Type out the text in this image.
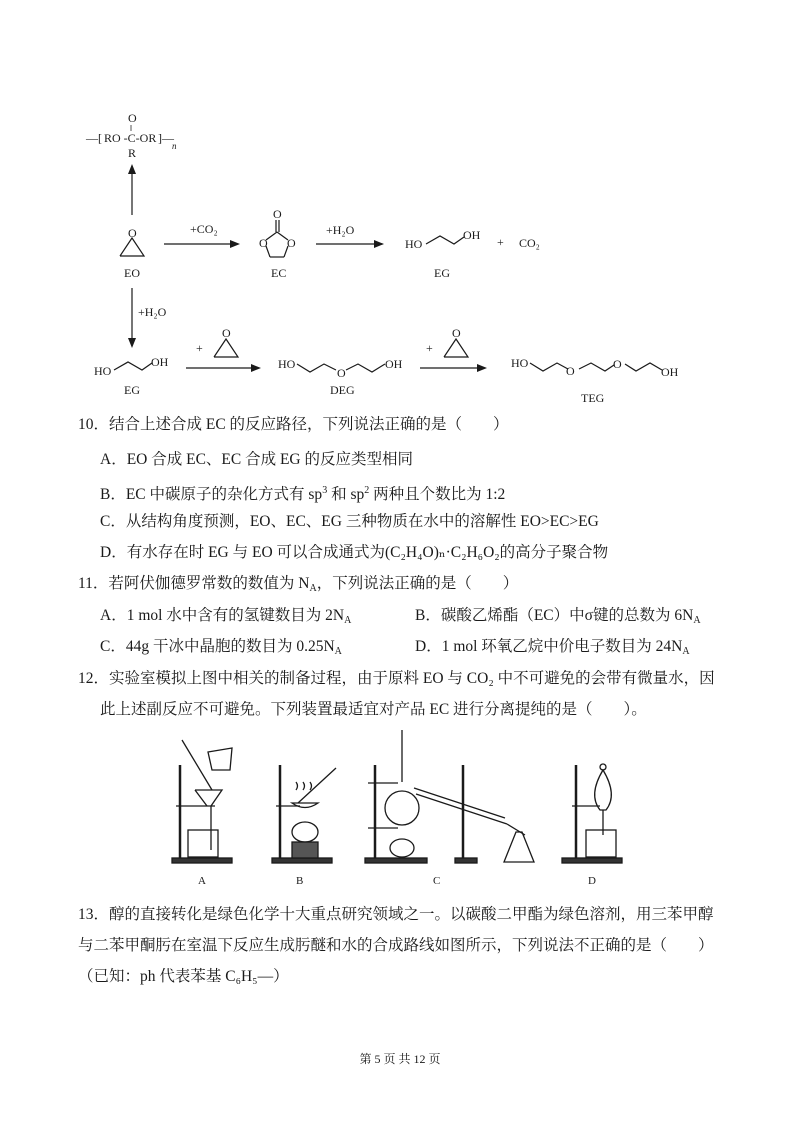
—[ RO -C-OR
O
‖
R
]—
n
O
EO
+CO₂
O
O O
EC
+H₂O
HO
OH + CO₂
EG
+H₂O
HO
OH
EG
+
O
HO
O
OH
DEG
+
O
HO
O	O
OH
TEG
10．结合上述合成 EC 的反应路径，下列说法正确的是（　　）
A．EO 合成 EC、EC 合成 EG 的反应类型相同
B．EC 中碳原子的杂化方式有 $sp^3$ 和 $sp^2$ 两种且个数比为 1:2
C．从结构角度预测，EO、EC、EG 三种物质在水中的溶解性 EO>EC>EG
D．有水存在时 EG 与 EO 可以合成通式为(C₂H₄O)ₙ·C₂H₆O₂的高分子聚合物
11．若阿伏伽德罗常数的数值为 $N_A$，下列说法正确的是（　　）
A．1 mol 水中含有的氢键数目为 $2N_A$	B．碳酸乙烯酯（EC）中σ键的总数为 $6N_A$
C．44g 干冰中晶胞的数目为 $0.25N_A$	D．1 mol 环氧乙烷中价电子数目为 $24N_A$
12．实验室模拟上图中相关的制备过程，由于原料 EO 与 CO₂ 中不可避免的会带有微量水，因
此上述副反应不可避免。下列装置最适宜对产品 EC 进行分离提纯的是（　　）。
A	B	C	D
13．醇的直接转化是绿色化学十大重点研究领域之一。以碳酸二甲酯为绿色溶剂，用三苯甲醇
与二苯甲酮肟在室温下反应生成肟醚和水的合成路线如图所示，下列说法不正确的是（　　）
（已知：ph 代表苯基 C₆H₅—）
第 5 页 共 12 页
